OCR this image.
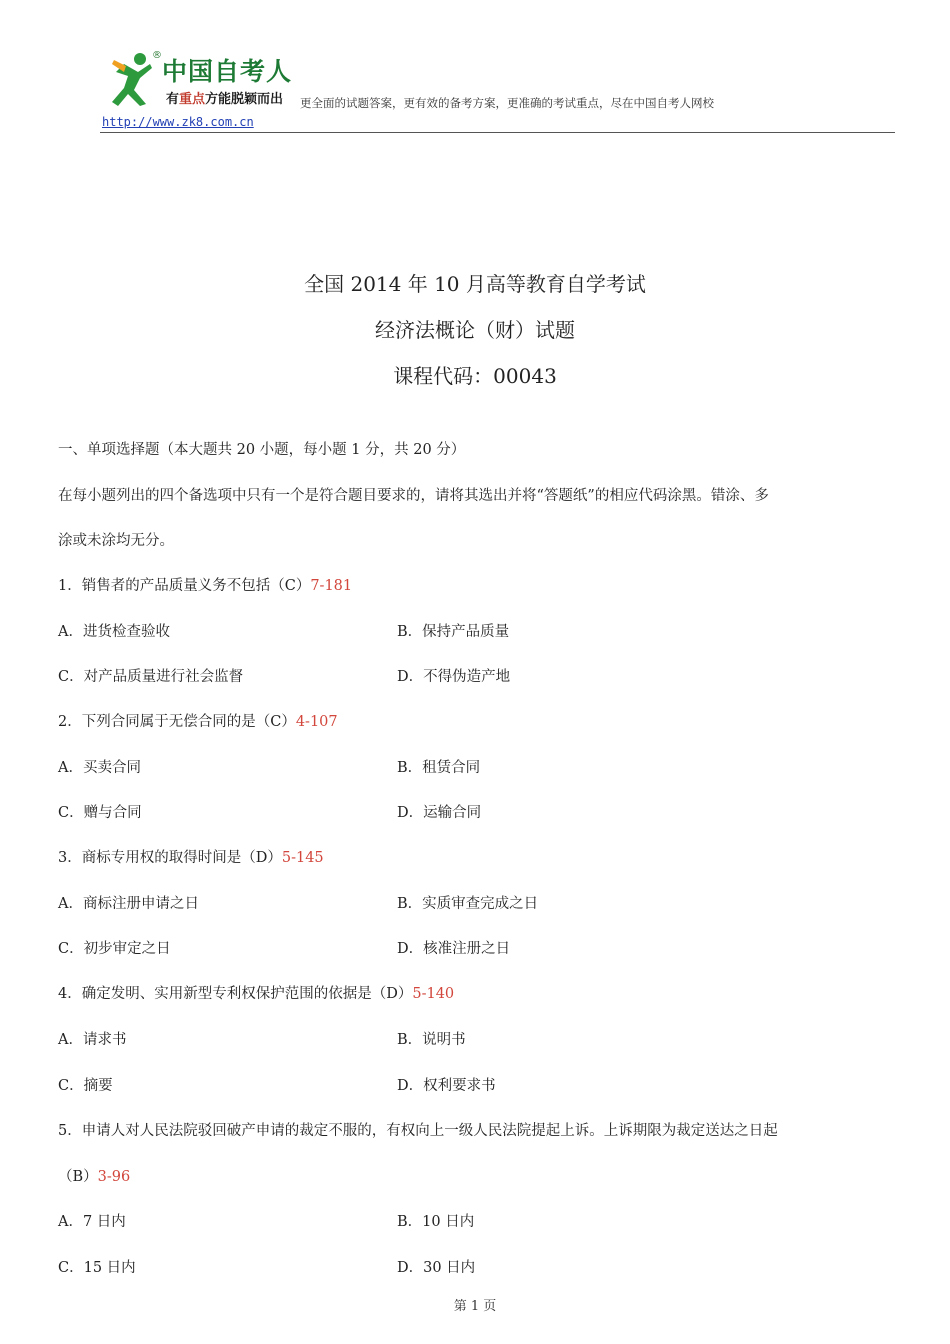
®
中国自考人
有重点方能脱颖而出 更全面的试题答案，更有效的备考方案，更准确的考试重点，尽在中国自考人网校
http://www.zk8.com.cn
全国 2014 年 10 月高等教育自学考试
经济法概论（财）试题
课程代码：00043
一、单项选择题（本大题共 20 小题，每小题 1 分，共 20 分）
在每小题列出的四个备选项中只有一个是符合题目要求的，请将其选出并将“答题纸”的相应代码涂黑。错涂、多
涂或未涂均无分。
1．销售者的产品质量义务不包括（C）7-181
A．进货检查验收	B．保持产品质量
C．对产品质量进行社会监督	D．不得伪造产地
2．下列合同属于无偿合同的是（C）4-107
A．买卖合同	B．租赁合同
C．赠与合同	D．运输合同
3．商标专用权的取得时间是（D）5-145
A．商标注册申请之日	B．实质审查完成之日
C．初步审定之日	D．核准注册之日
4．确定发明、实用新型专利权保护范围的依据是（D）5-140
A．请求书	B．说明书
C．摘要	D．权利要求书
5．申请人对人民法院驳回破产申请的裁定不服的，有权向上一级人民法院提起上诉。上诉期限为裁定送达之日起
（B）3-96
A．7 日内	B．10 日内
C．15 日内	D．30 日内
第 1 页
